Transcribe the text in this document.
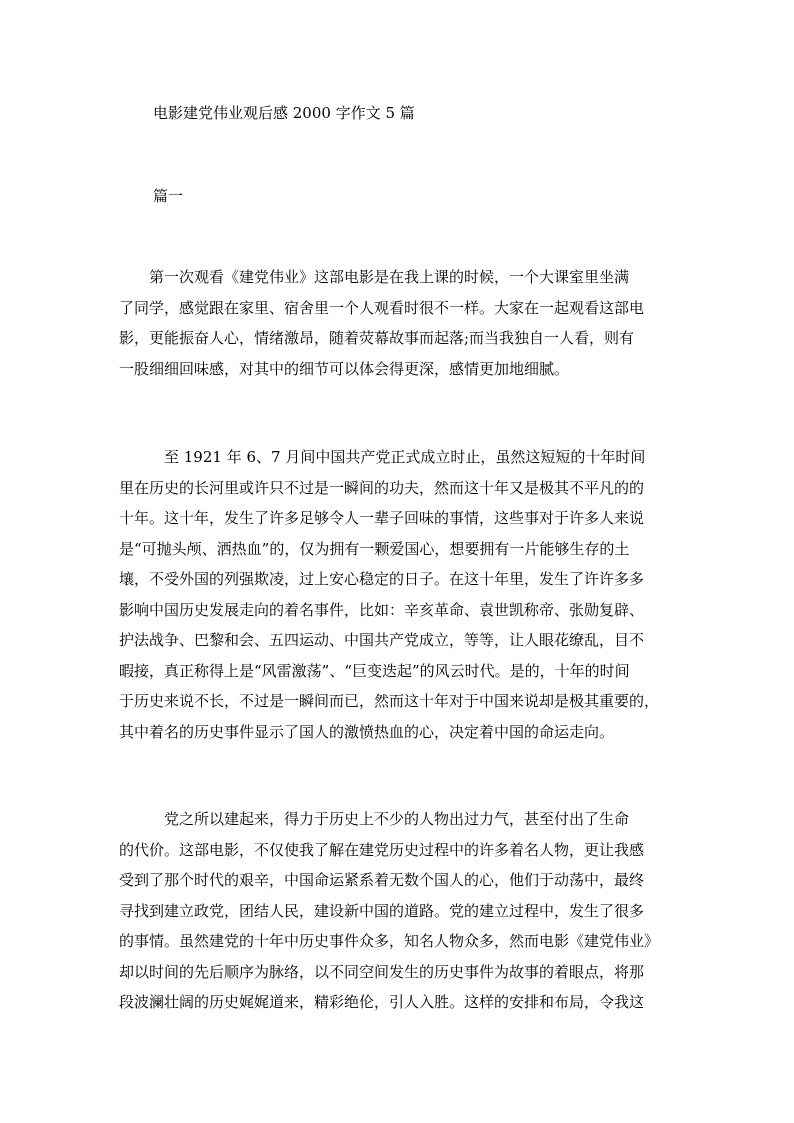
电影建党伟业观后感 2000 字作文 5 篇
篇一
　　第一次观看《建党伟业》这部电影是在我上课的时候，一个大课室里坐满
了同学，感觉跟在家里、宿舍里一个人观看时很不一样。大家在一起观看这部电
影，更能振奋人心，情绪激昂，随着荧幕故事而起落;而当我独自一人看，则有
一股细细回味感，对其中的细节可以体会得更深，感情更加地细腻。
　　　至 1921 年 6、7 月间中国共产党正式成立时止，虽然这短短的十年时间
里在历史的长河里或许只不过是一瞬间的功夫，然而这十年又是极其不平凡的的
十年。这十年，发生了许多足够令人一辈子回味的事情，这些事对于许多人来说
是“可抛头颅、洒热血”的，仅为拥有一颗爱国心，想要拥有一片能够生存的土
壤，不受外国的列强欺凌，过上安心稳定的日子。在这十年里，发生了许许多多
影响中国历史发展走向的着名事件，比如：辛亥革命、袁世凯称帝、张勋复辟、
护法战争、巴黎和会、五四运动、中国共产党成立，等等，让人眼花缭乱，目不
暇接，真正称得上是“风雷激荡”、“巨变迭起”的风云时代。是的，十年的时间
于历史来说不长，不过是一瞬间而已，然而这十年对于中国来说却是极其重要的，
其中着名的历史事件显示了国人的激愤热血的心，决定着中国的命运走向。
　　　党之所以建起来，得力于历史上不少的人物出过力气，甚至付出了生命
的代价。这部电影，不仅使我了解在建党历史过程中的许多着名人物，更让我感
受到了那个时代的艰辛，中国命运紧系着无数个国人的心，他们于动荡中，最终
寻找到建立政党，团结人民，建设新中国的道路。党的建立过程中，发生了很多
的事情。虽然建党的十年中历史事件众多，知名人物众多，然而电影《建党伟业》
却以时间的先后顺序为脉络，以不同空间发生的历史事件为故事的着眼点，将那
段波澜壮阔的历史娓娓道来，精彩绝伦，引人入胜。这样的安排和布局，令我这
